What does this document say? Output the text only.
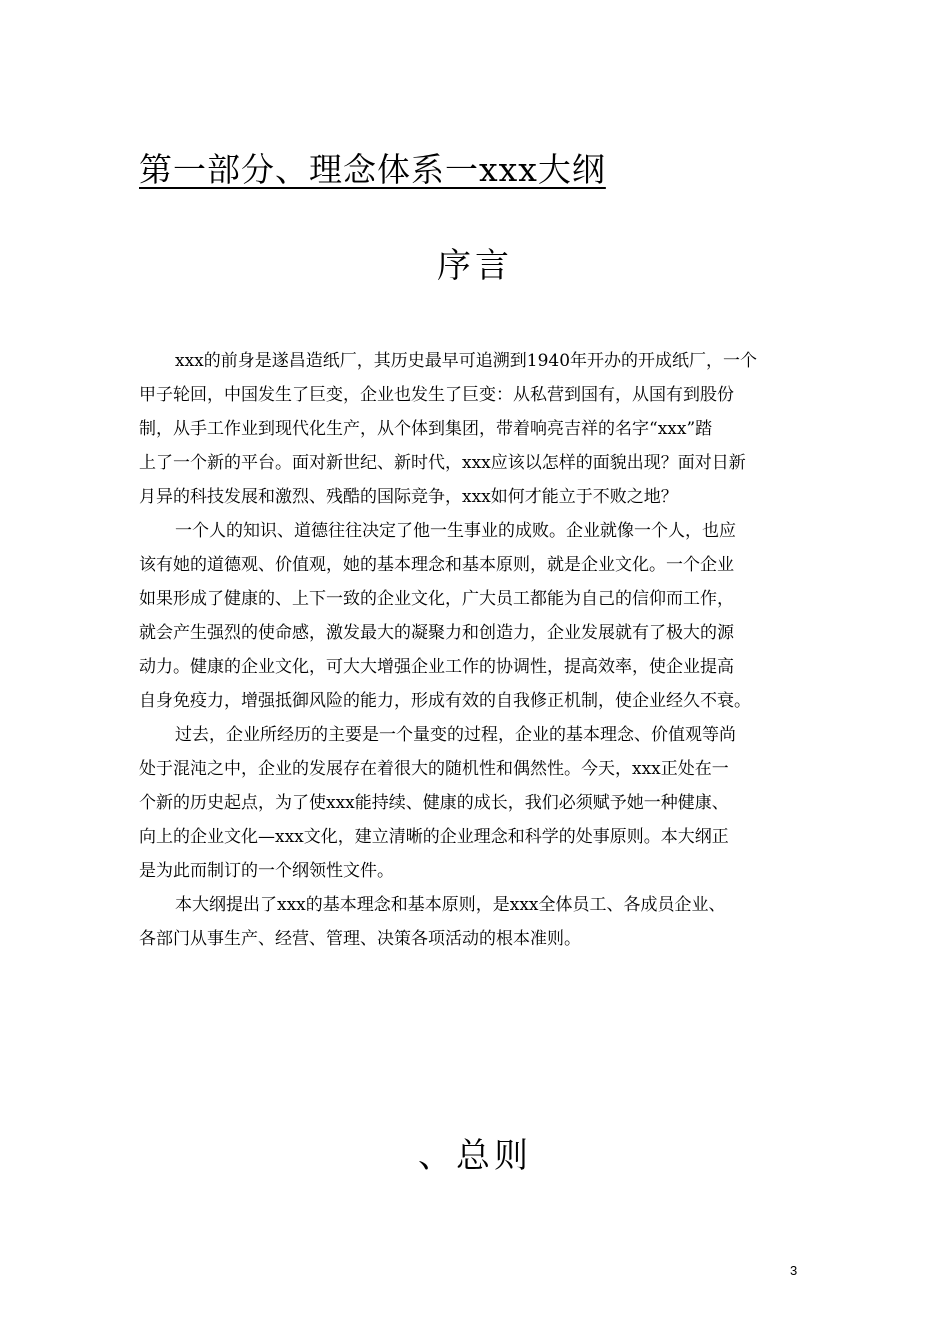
第一部分、理念体系一xxx大纲
序言

xxx的前身是遂昌造纸厂，其历史最早可追溯到1940年开办的开成纸厂，一个
甲子轮回，中国发生了巨变，企业也发生了巨变：从私营到国有，从国有到股份
制，从手工作业到现代化生产，从个体到集团，带着响亮吉祥的名字“xxx”踏
上了一个新的平台。面对新世纪、新时代，xxx应该以怎样的面貌出现？面对日新
月异的科技发展和激烈、残酷的国际竞争，xxx如何才能立于不败之地？

一个人的知识、道德往往决定了他一生事业的成败。企业就像一个人，也应
该有她的道德观、价值观，她的基本理念和基本原则，就是企业文化。一个企业
如果形成了健康的、上下一致的企业文化，广大员工都能为自己的信仰而工作，
就会产生强烈的使命感，激发最大的凝聚力和创造力，企业发展就有了极大的源
动力。健康的企业文化，可大大增强企业工作的协调性，提高效率，使企业提高
自身免疫力，增强抵御风险的能力，形成有效的自我修正机制，使企业经久不衰。

过去，企业所经历的主要是一个量变的过程，企业的基本理念、价值观等尚
处于混沌之中，企业的发展存在着很大的随机性和偶然性。今天，xxx正处在一
个新的历史起点，为了使xxx能持续、健康的成长，我们必须赋予她一种健康、
向上的企业文化—xxx文化，建立清晰的企业理念和科学的处事原则。本大纲正
是为此而制订的一个纲领性文件。

本大纲提出了xxx的基本理念和基本原则，是xxx全体员工、各成员企业、
各部门从事生产、经营、管理、决策各项活动的根本准则。

、总则
3
